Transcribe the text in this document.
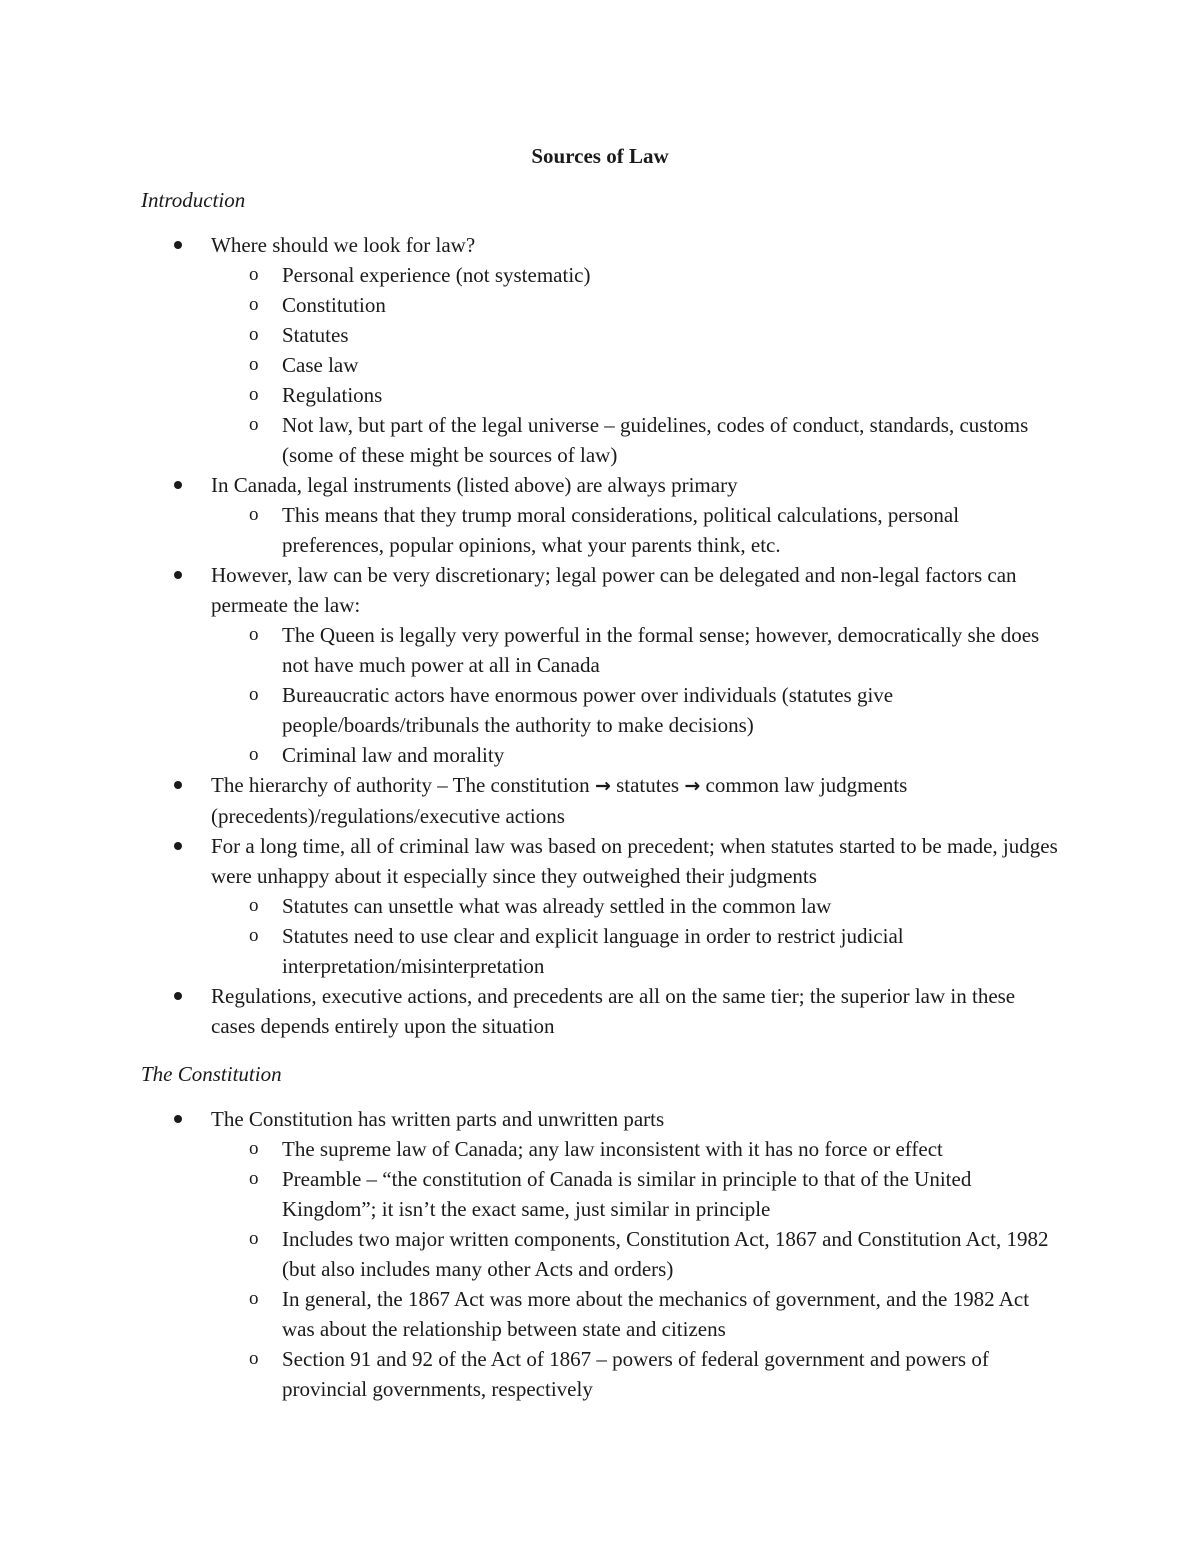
Sources of Law
Introduction
Where should we look for law?
o Personal experience (not systematic)
o Constitution
o Statutes
o Case law
o Regulations
o Not law, but part of the legal universe – guidelines, codes of conduct, standards, customs (some of these might be sources of law)
In Canada, legal instruments (listed above) are always primary
o This means that they trump moral considerations, political calculations, personal preferences, popular opinions, what your parents think, etc.
However, law can be very discretionary; legal power can be delegated and non-legal factors can permeate the law:
o The Queen is legally very powerful in the formal sense; however, democratically she does not have much power at all in Canada
o Bureaucratic actors have enormous power over individuals (statutes give people/boards/tribunals the authority to make decisions)
o Criminal law and morality
The hierarchy of authority – The constitution → statutes → common law judgments (precedents)/regulations/executive actions
For a long time, all of criminal law was based on precedent; when statutes started to be made, judges were unhappy about it especially since they outweighed their judgments
o Statutes can unsettle what was already settled in the common law
o Statutes need to use clear and explicit language in order to restrict judicial interpretation/misinterpretation
Regulations, executive actions, and precedents are all on the same tier; the superior law in these cases depends entirely upon the situation
The Constitution
The Constitution has written parts and unwritten parts
o The supreme law of Canada; any law inconsistent with it has no force or effect
o Preamble – “the constitution of Canada is similar in principle to that of the United Kingdom”; it isn’t the exact same, just similar in principle
o Includes two major written components, Constitution Act, 1867 and Constitution Act, 1982 (but also includes many other Acts and orders)
o In general, the 1867 Act was more about the mechanics of government, and the 1982 Act was about the relationship between state and citizens
o Section 91 and 92 of the Act of 1867 – powers of federal government and powers of provincial governments, respectively
